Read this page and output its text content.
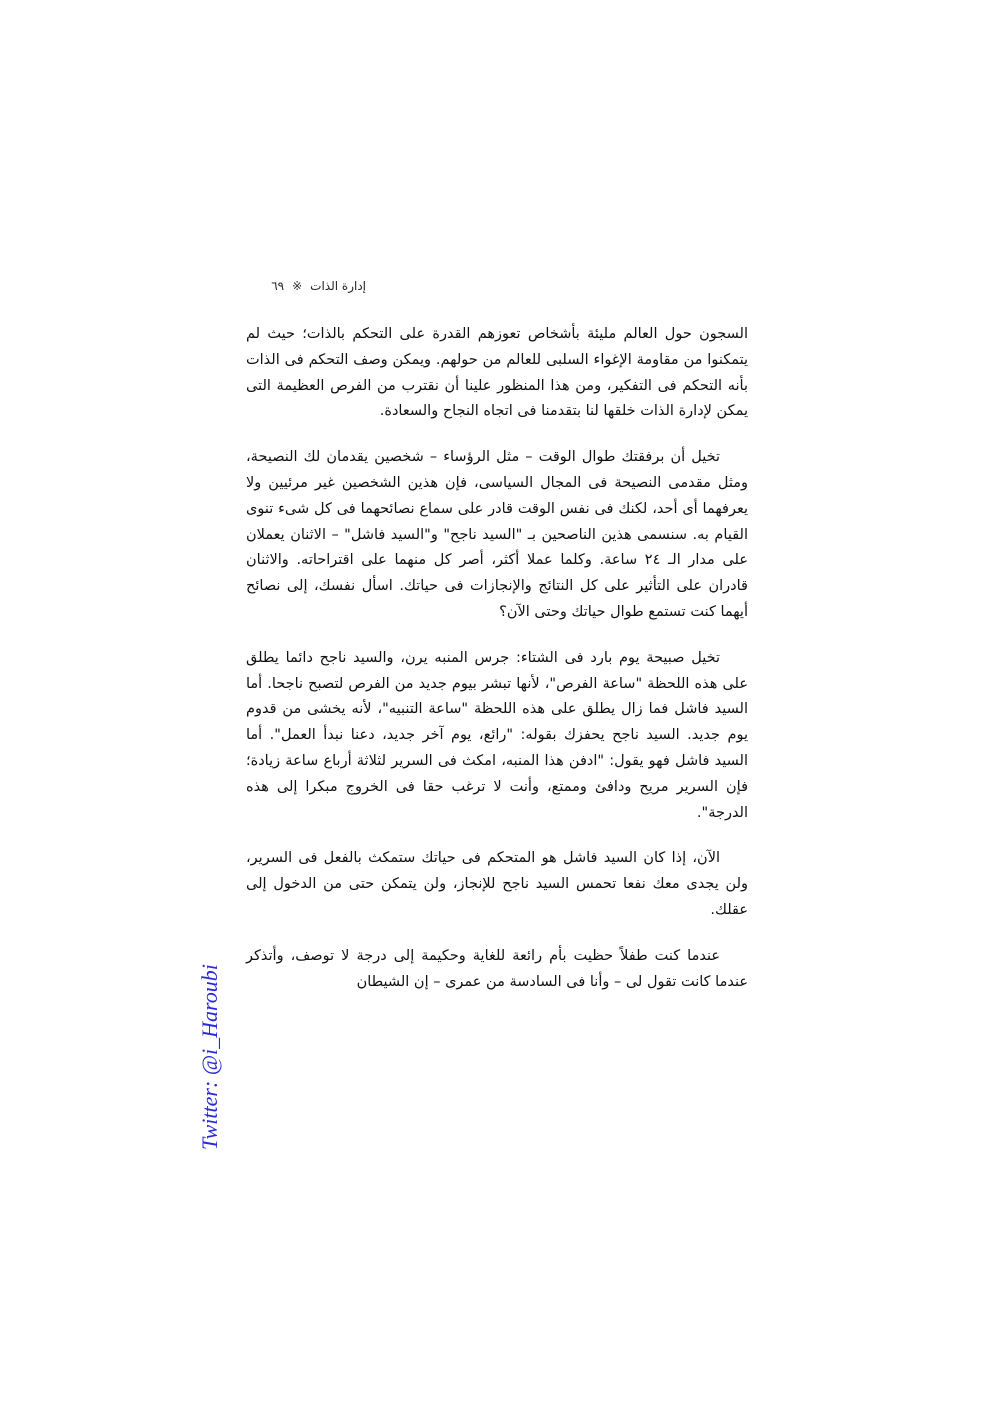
إدارة الذات
※
٦٩

السجون حول العالم مليئة بأشخاص تعوزهم القدرة على التحكم بالذات؛ حيث لم يتمكنوا من مقاومة الإغواء السلبى للعالم من حولهم. ويمكن وصف التحكم فى الذات بأنه التحكم فى التفكير، ومن هذا المنظور علينا أن نقترب من الفرص العظيمة التى يمكن لإدارة الذات خلقها لنا بتقدمنا فى اتجاه النجاح والسعادة.

تخيل أن برفقتك طوال الوقت – مثل الرؤساء – شخصين يقدمان لك النصيحة، ومثل مقدمى النصيحة فى المجال السياسى، فإن هذين الشخصين غير مرئيين ولا يعرفهما أى أحد، لكنك فى نفس الوقت قادر على سماع نصائحهما فى كل شىء تنوى القيام به. سنسمى هذين الناصحين بـ "السيد ناجح" و"السيد فاشل" – الاثنان يعملان على مدار الـ ٢٤ ساعة. وكلما عملا أكثر، أصر كل منهما على اقتراحاته. والاثنان قادران على التأثير على كل النتائج والإنجازات فى حياتك. اسأل نفسك، إلى نصائح أيهما كنت تستمع طوال حياتك وحتى الآن؟

تخيل صبيحة يوم بارد فى الشتاء: جرس المنبه يرن، والسيد ناجح دائما يطلق على هذه اللحظة "ساعة الفرص"، لأنها تبشر بيوم جديد من الفرص لتصبح ناجحا. أما السيد فاشل فما زال يطلق على هذه اللحظة "ساعة التنبيه"، لأنه يخشى من قدوم يوم جديد. السيد ناجح يحفزك بقوله: "رائع، يوم آخر جديد، دعنا نبدأ العمل". أما السيد فاشل فهو يقول: "ادفن هذا المنبه، امكث فى السرير لثلاثة أرباع ساعة زيادة؛ فإن السرير مريح ودافئ وممتع، وأنت لا ترغب حقا فى الخروج مبكرا إلى هذه الدرجة".

الآن، إذا كان السيد فاشل هو المتحكم فى حياتك ستمكث بالفعل فى السرير، ولن يجدى معك نفعا تحمس السيد ناجح للإنجاز، ولن يتمكن حتى من الدخول إلى عقلك.

عندما كنت طفلاً حظيت بأم رائعة للغاية وحكيمة إلى درجة لا توصف، وأتذكر عندما كانت تقول لى – وأنا فى السادسة من عمرى – إن الشيطان

Twitter: @i_Haroubi
